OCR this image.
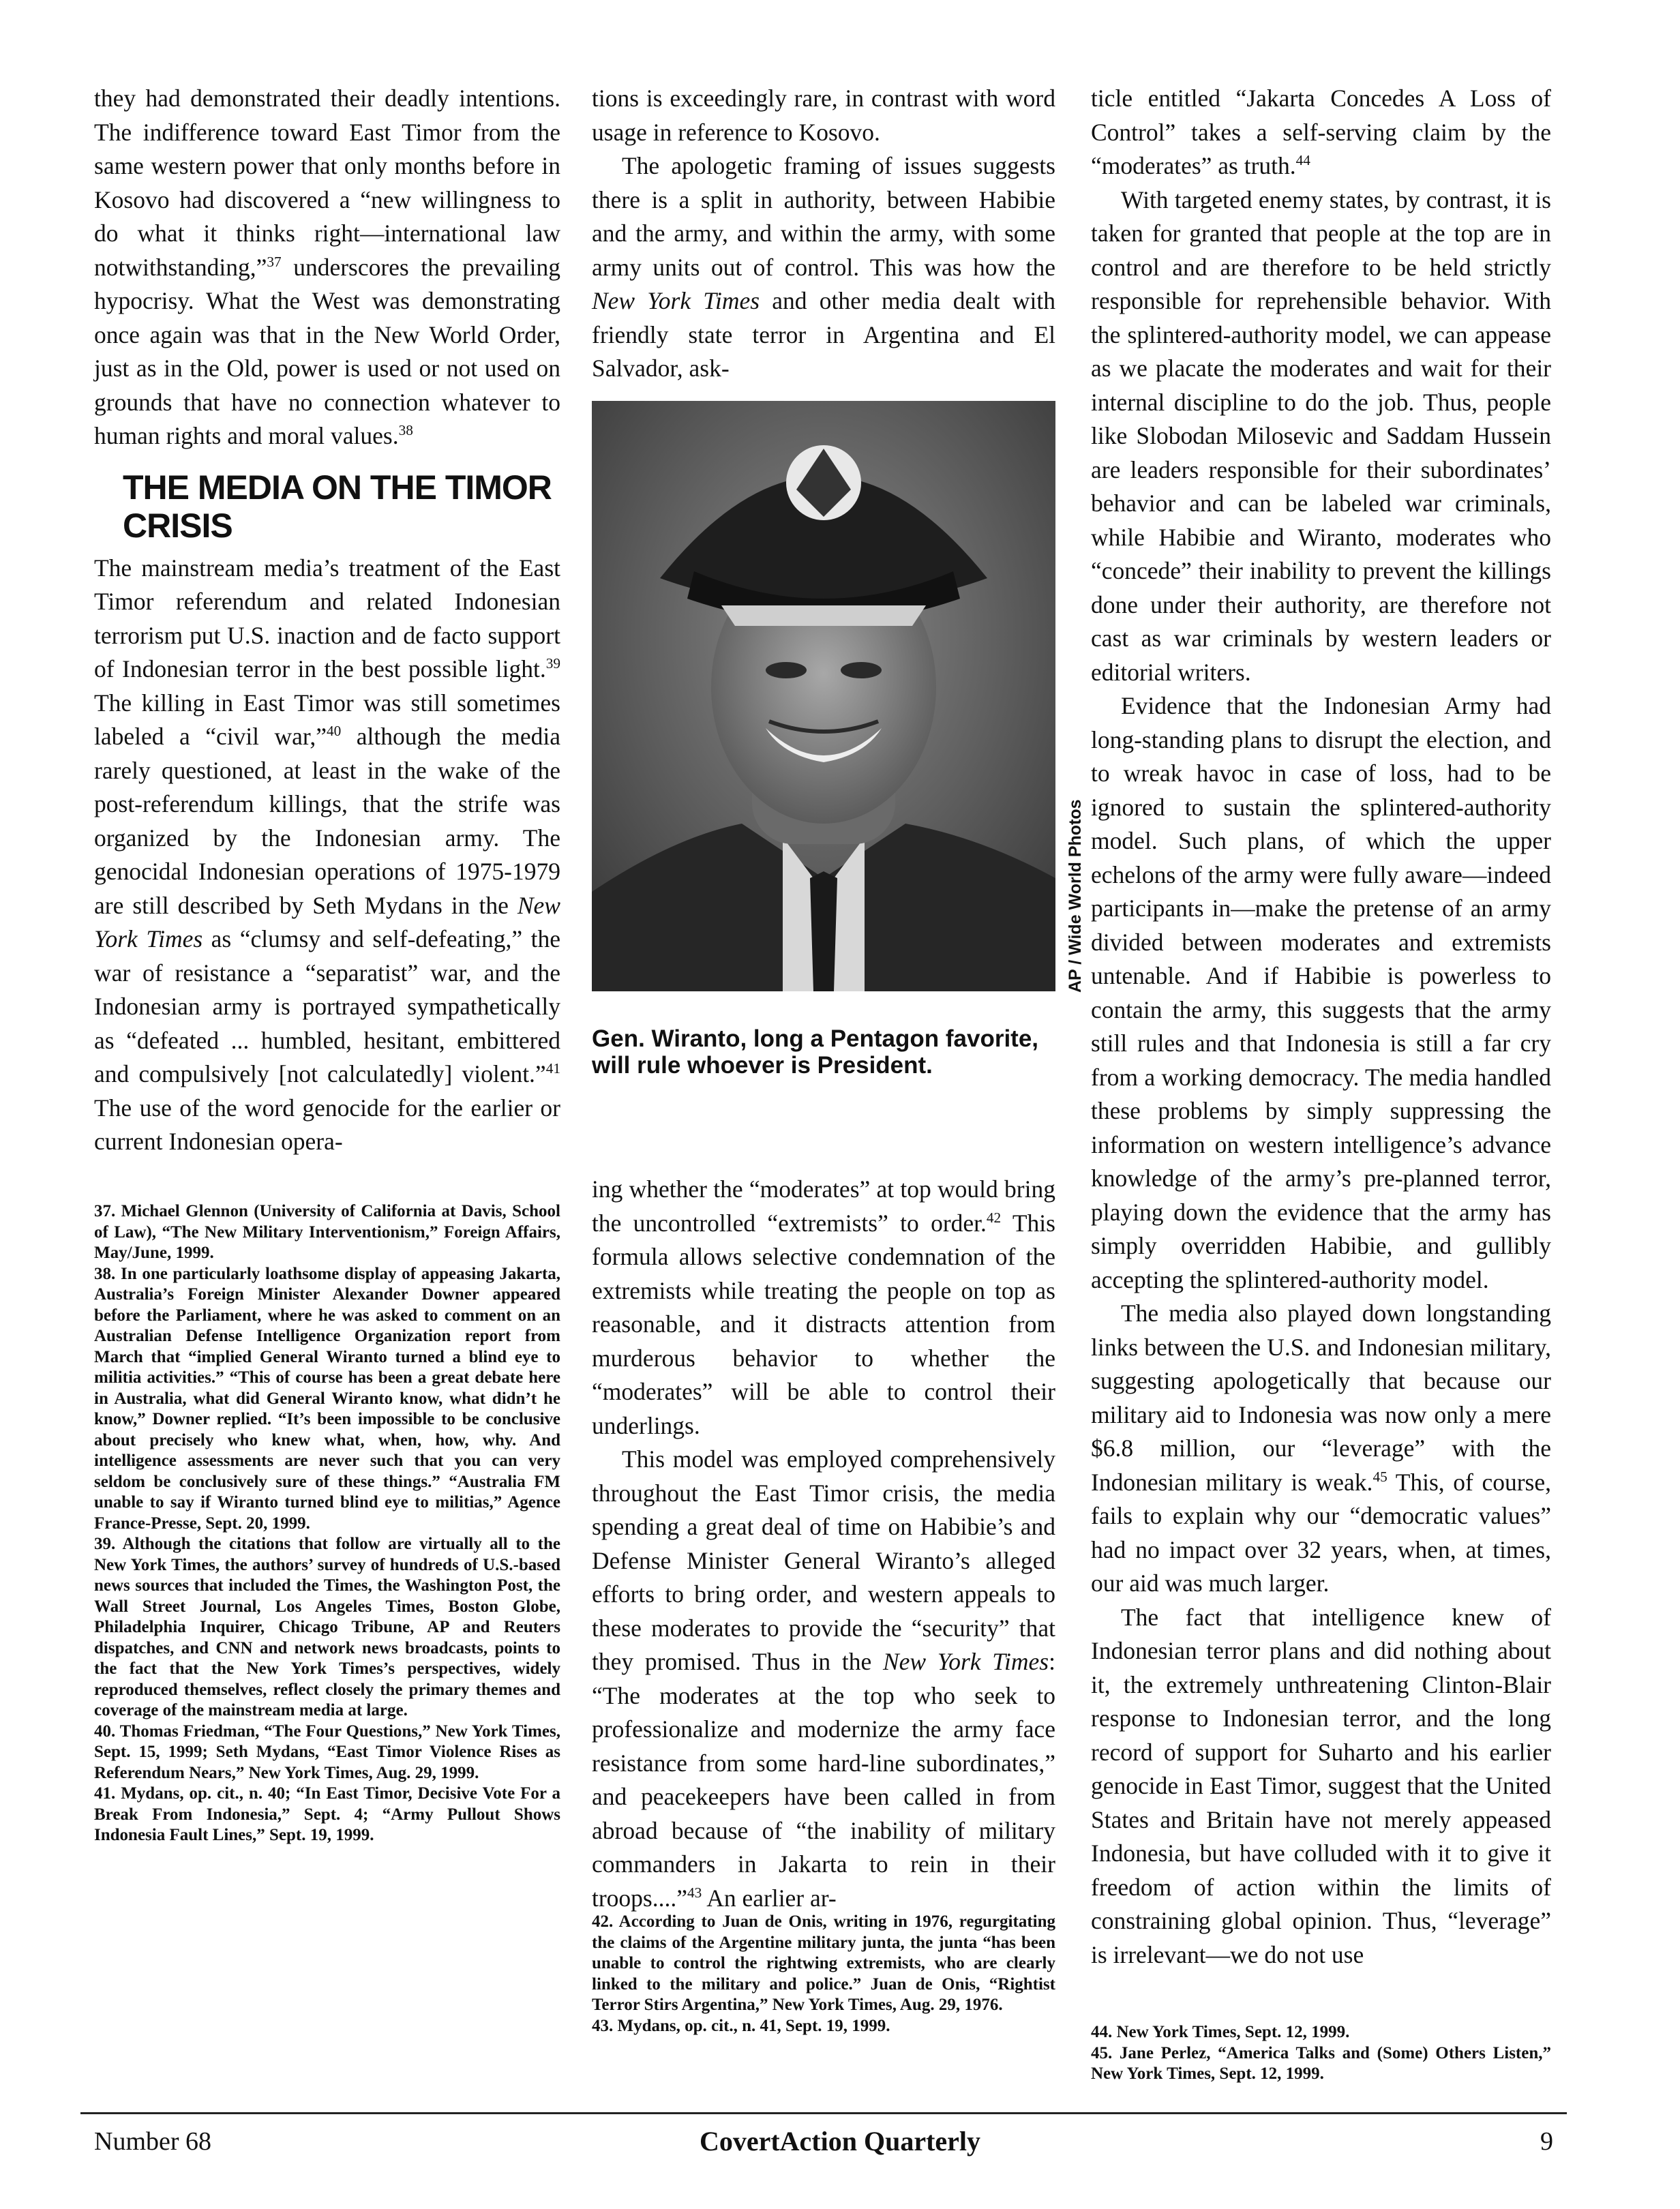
they had demonstrated their deadly intentions. The indifference toward East Timor from the same western power that only months before in Kosovo had discovered a “new willingness to do what it thinks right—international law notwithstanding,”$^{37}$ underscores the prevailing hypocrisy. What the West was demonstrating once again was that in the New World Order, just as in the Old, power is used or not used on grounds that have no connection whatever to human rights and moral values.$^{38}$

THE MEDIA ON THE TIMOR CRISIS

The mainstream media’s treatment of the East Timor referendum and related Indonesian terrorism put U.S. inaction and de facto support of Indonesian terror in the best possible light.$^{39}$ The killing in East Timor was still sometimes labeled a “civil war,”$^{40}$ although the media rarely questioned, at least in the wake of the post-referendum killings, that the strife was organized by the Indonesian army. The genocidal Indonesian operations of 1975-1979 are still described by Seth Mydans in the New York Times as “clumsy and self-defeating,” the war of resistance a “separatist” war, and the Indonesian army is portrayed sympathetically as “defeated ... humbled, hesitant, embittered and compulsively [not calculatedly] violent.”$^{41}$ The use of the word genocide for the earlier or current Indonesian opera-

37. Michael Glennon (University of California at Davis, School of Law), “The New Military Interventionism,” Foreign Affairs, May/June, 1999.

38. In one particularly loathsome display of appeasing Jakarta, Australia’s Foreign Minister Alexander Downer appeared before the Parliament, where he was asked to comment on an Australian Defense Intelligence Organization report from March that “implied General Wiranto turned a blind eye to militia activities.” “This of course has been a great debate here in Australia, what did General Wiranto know, what didn’t he know,” Downer replied. “It’s been impossible to be conclusive about precisely who knew what, when, how, why. And intelligence assessments are never such that you can very seldom be conclusively sure of these things.” “Australia FM unable to say if Wiranto turned blind eye to militias,” Agence France-Presse, Sept. 20, 1999.

39. Although the citations that follow are virtually all to the New York Times, the authors’ survey of hundreds of U.S.-based news sources that included the Times, the Washington Post, the Wall Street Journal, Los Angeles Times, Boston Globe, Philadelphia Inquirer, Chicago Tribune, AP and Reuters dispatches, and CNN and network news broadcasts, points to the fact that the New York Times’s perspectives, widely reproduced themselves, reflect closely the primary themes and coverage of the mainstream media at large.

40. Thomas Friedman, “The Four Questions,” New York Times, Sept. 15, 1999; Seth Mydans, “East Timor Violence Rises as Referendum Nears,” New York Times, Aug. 29, 1999.

41. Mydans, op. cit., n. 40; “In East Timor, Decisive Vote For a Break From Indonesia,” Sept. 4; “Army Pullout Shows Indonesia Fault Lines,” Sept. 19, 1999.

tions is exceedingly rare, in contrast with word usage in reference to Kosovo.

The apologetic framing of issues suggests there is a split in authority, between Habibie and the army, and within the army, with some army units out of control. This was how the New York Times and other media dealt with friendly state terror in Argentina and El Salvador, ask-

AP / Wide World Photos
Gen. Wiranto, long a Pentagon favorite, will rule whoever is President.

ing whether the “moderates” at top would bring the uncontrolled “extremists” to order.$^{42}$ This formula allows selective condemnation of the extremists while treating the people on top as reasonable, and it distracts attention from murderous behavior to whether the “moderates” will be able to control their underlings.

This model was employed comprehensively throughout the East Timor crisis, the media spending a great deal of time on Habibie’s and Defense Minister General Wiranto’s alleged efforts to bring order, and western appeals to these moderates to provide the “security” that they promised. Thus in the New York Times: “The moderates at the top who seek to professionalize and modernize the army face resistance from some hard-line subordinates,” and peacekeepers have been called in from abroad because of “the inability of military commanders in Jakarta to rein in their troops....”$^{43}$ An earlier ar-

42. According to Juan de Onis, writing in 1976, regurgitating the claims of the Argentine military junta, the junta “has been unable to control the rightwing extremists, who are clearly linked to the military and police.” Juan de Onis, “Rightist Terror Stirs Argentina,” New York Times, Aug. 29, 1976.

43. Mydans, op. cit., n. 41, Sept. 19, 1999.

ticle entitled “Jakarta Concedes A Loss of Control” takes a self-serving claim by the “moderates” as truth.$^{44}$

With targeted enemy states, by contrast, it is taken for granted that people at the top are in control and are therefore to be held strictly responsible for reprehensible behavior. With the splintered-authority model, we can appease as we placate the moderates and wait for their internal discipline to do the job. Thus, people like Slobodan Milosevic and Saddam Hussein are leaders responsible for their subordinates’ behavior and can be labeled war criminals, while Habibie and Wiranto, moderates who “concede” their inability to prevent the killings done under their authority, are therefore not cast as war criminals by western leaders or editorial writers.

Evidence that the Indonesian Army had long-standing plans to disrupt the election, and to wreak havoc in case of loss, had to be ignored to sustain the splintered-authority model. Such plans, of which the upper echelons of the army were fully aware—indeed participants in—make the pretense of an army divided between moderates and extremists untenable. And if Habibie is powerless to contain the army, this suggests that the army still rules and that Indonesia is still a far cry from a working democracy. The media handled these problems by simply suppressing the information on western intelligence’s advance knowledge of the army’s pre-planned terror, playing down the evidence that the army has simply overridden Habibie, and gullibly accepting the splintered-authority model.

The media also played down longstanding links between the U.S. and Indonesian military, suggesting apologetically that because our military aid to Indonesia was now only a mere $6.8 million, our “leverage” with the Indonesian military is weak.$^{45}$ This, of course, fails to explain why our “democratic values” had no impact over 32 years, when, at times, our aid was much larger.

The fact that intelligence knew of Indonesian terror plans and did nothing about it, the extremely unthreatening Clinton-Blair response to Indonesian terror, and the long record of support for Suharto and his earlier genocide in East Timor, suggest that the United States and Britain have not merely appeased Indonesia, but have colluded with it to give it freedom of action within the limits of constraining global opinion. Thus, “leverage” is irrelevant—we do not use

44. New York Times, Sept. 12, 1999.

45. Jane Perlez, “America Talks and (Some) Others Listen,” New York Times, Sept. 12, 1999.

Number 68	CovertAction Quarterly	9
